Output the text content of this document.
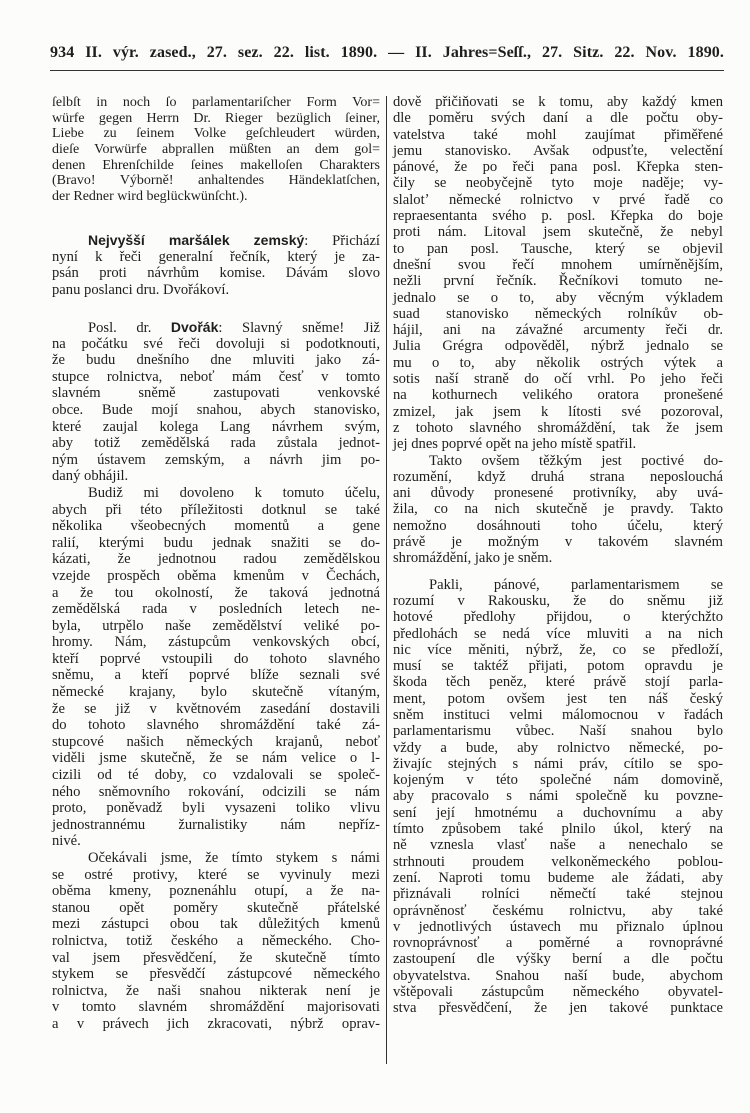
934 II. výr. zased., 27. sez. 22. list. 1890. — II. Jahres=Seſſ., 27. Sitz. 22. Nov. 1890.
ſelbſt in noch ſo parlamentariſcher Form Vor=
würfe gegen Herrn Dr. Rieger bezüglich ſeiner,
Liebe zu ſeinem Volke geſchleudert würden,
dieſe Vorwürfe abprallen müßten an dem gol=
denen Ehrenſchilde ſeines makelloſen Charakters
(Bravo! Výborně! anhaltendes Händeklatſchen,
der Redner wird beglückwünſcht.).
Nejvyšší maršálek zemský: Přichází
nyní k řeči generalní řečník, který je za-
psán proti návrhům komise. Dávám slovo
panu poslanci dru. Dvořákoví.
Posl. dr. Dvořák: Slavný sněme! Již
na počátku své řeči dovoluji si podotknouti,
že budu dnešního dne mluviti jako zá-
stupce rolnictva, neboť mám česť v tomto
slavném sněmě zastupovati venkovské
obce. Bude mojí snahou, abych stanovisko,
které zaujal kolega Lang návrhem svým,
aby totiž zemědělská rada zůstala jednot-
ným ústavem zemským, a návrh jim po-
daný obhájil.
Budiž mi dovoleno k tomuto účelu,
abych při této příležitosti dotknul se také
několika všeobecných momentů a gene
ralií, kterými budu jednak snažiti se do-
kázati, že jednotnou radou zemědělskou
vzejde prospěch oběma kmenům v Čechách,
a že tou okolností, že taková jednotná
zemědělská rada v posledních letech ne-
byla, utrpělo naše zemědělství veliké po-
hromy. Nám, zástupcům venkovských obcí,
kteří poprvé vstoupili do tohoto slavného
sněmu, a kteří poprvé blíže seznali své
německé krajany, bylo skutečně vítaným,
že se již v květnovém zasedání dostavili
do tohoto slavného shromáždění také zá-
stupcové našich německých krajanů, neboť
viděli jsme skutečně, že se nám velice o l-
cizili od té doby, co vzdalovali se společ-
ného sněmovního rokování, odcizili se nám
proto, poněvadž byli vysazeni toliko vlivu
jednostrannému žurnalistiky nám nepříz-
nivé.
Očekávali jsme, že tímto stykem s námi
se ostré protivy, které se vyvinuly mezi
oběma kmeny, poznenáhlu otupí, a že na-
stanou opět poměry skutečně přátelské
mezi zástupci obou tak důležitých kmenů
rolnictva, totiž českého a německého. Cho-
val jsem přesvědčení, že skutečně tímto
stykem se přesvědčí zástupcové německého
rolnictva, že naši snahou nikterak není je
v tomto slavném shromáždění majorisovati
a v právech jich zkracovati, nýbrž oprav-
dově přičiňovati se k tomu, aby každý kmen
dle poměru svých daní a dle počtu oby-
vatelstva také mohl zaujímat přiměřené
jemu stanovisko. Avšak odpusťte, velectění
pánové, že po řeči pana posl. Křepka sten-
čily se neobyčejně tyto moje naděje; vy-
slalotʼ německé rolnictvo v prvé řadě co
repraesentanta svého p. posl. Křepka do boje
proti nám. Litoval jsem skutečně, že nebyl
to pan posl. Tausche, který se objevil
dnešní svou řečí mnohem umírněnějším,
nežli první řečník. Řečníkovi tomuto ne-
jednalo se o to, aby věcným výkladem
suad stanovisko německých rolníkův ob-
hájil, ani na závažné arcumenty řeči dr.
Julia Grégra odpověděl, nýbrž jednalo se
mu o to, aby několik ostrých výtek a
sotis naší straně do očí vrhl. Po jeho řeči
na kothurnech velikého oratora pronešené
zmizel, jak jsem k lítosti své pozoroval,
z tohoto slavného shromáždění, tak že jsem
jej dnes poprvé opět na jeho místě spatřil.
Takto ovšem těžkým jest poctivé do-
rozumění, když druhá strana neposlouchá
ani důvody pronesené protivníky, aby uvá-
žila, co na nich skutečně je pravdy. Takto
nemožno dosáhnouti toho účelu, který
právě je možným v takovém slavném
shromáždění, jako je sněm.
Pakli, pánové, parlamentarismem se
rozumí v Rakousku, že do sněmu již
hotové předlohy přijdou, o kterýchžto
předlohách se nedá více mluviti a na nich
nic více měniti, nýbrž, že, co se předloží,
musí se taktéž přijati, potom opravdu je
škoda těch peněz, které právě stojí parla-
ment, potom ovšem jest ten náš český
sněm instituci velmi málomocnou v řadách
parlamentarismu vůbec. Naší snahou bylo
vždy a bude, aby rolnictvo německé, po-
živajíc stejných s námi práv, cítilo se spo-
kojeným v této společné nám domovině,
aby pracovalo s námi společně ku povzne-
sení její hmotnému a duchovnímu a aby
tímto způsobem také plnilo úkol, který na
ně vznesla vlasť naše a nenechalo se
strhnouti proudem velkoněmeckého poblou-
zení. Naproti tomu budeme ale žádati, aby
přiznávali rolníci němečtí také stejnou
oprávněnosť českému rolnictvu, aby také
v jednotlivých ústavech mu přiznalo úplnou
rovnoprávnosť a poměrné a rovnoprávné
zastoupení dle výšky berní a dle počtu
obyvatelstva. Snahou naší bude, abychom
vštěpovali zástupcům německého obyvatel-
stva přesvědčení, že jen takové punktace
